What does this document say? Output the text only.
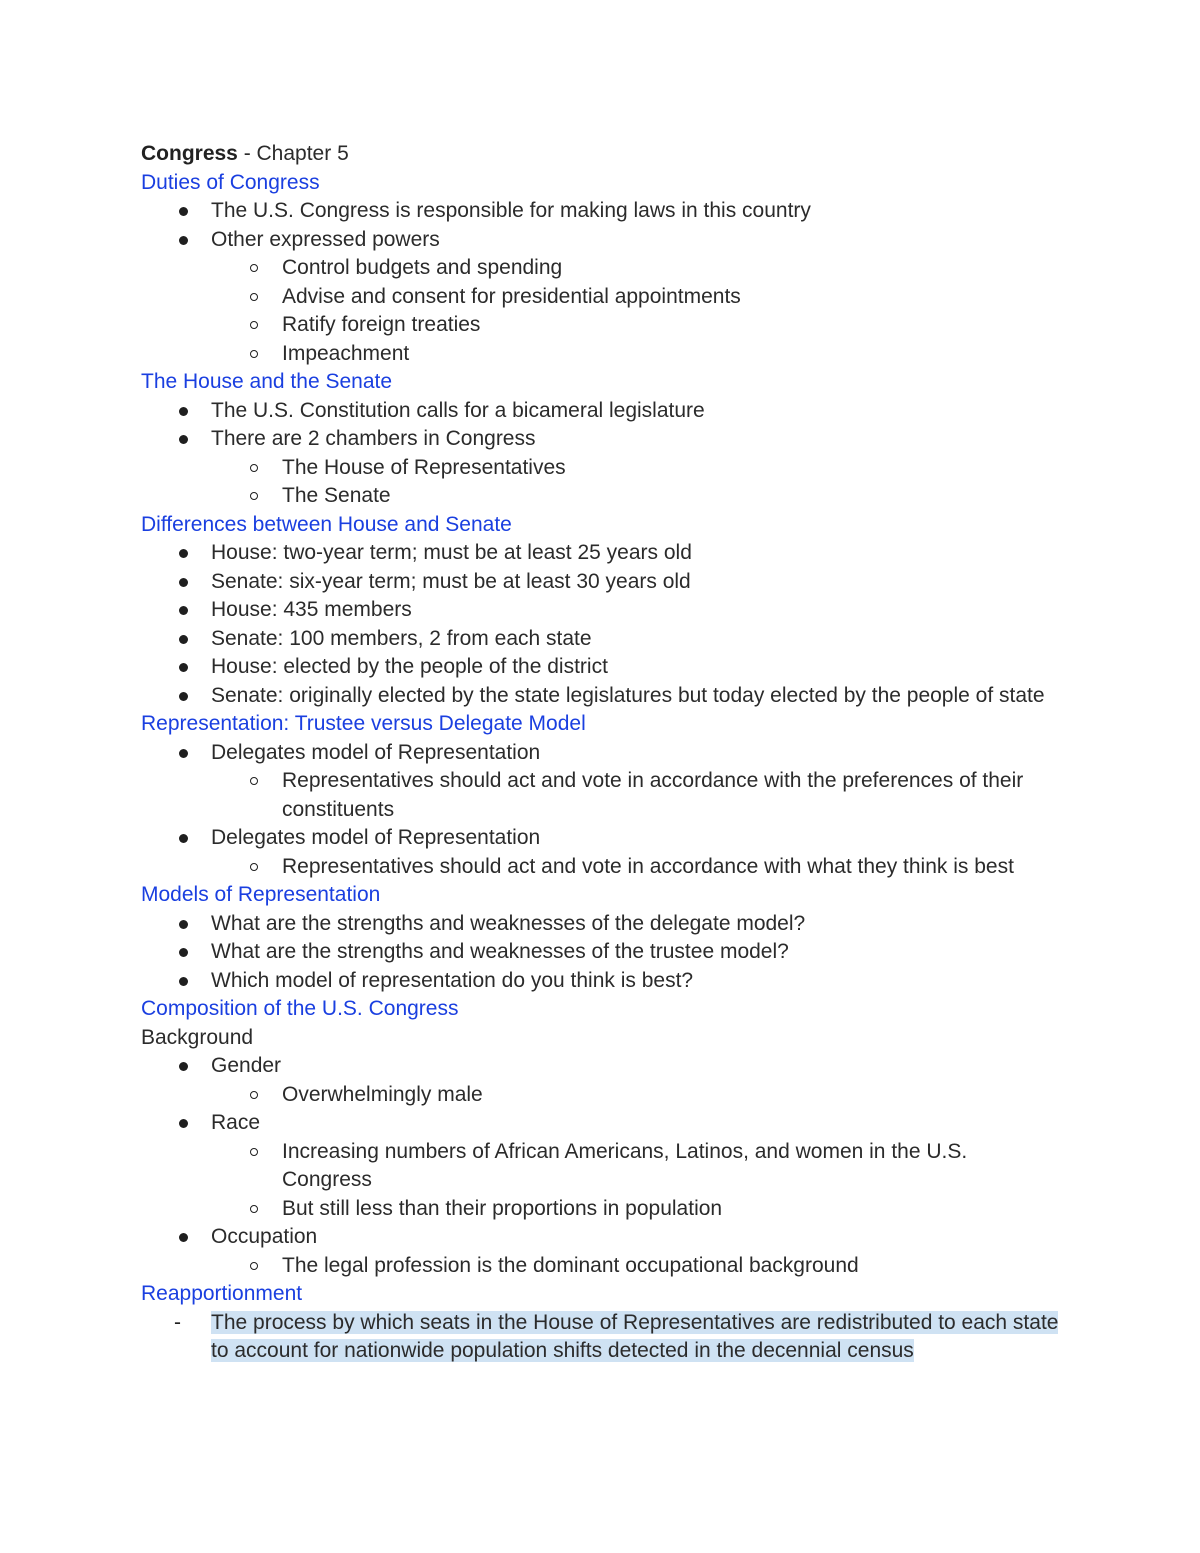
Congress - Chapter 5
Duties of Congress
The U.S. Congress is responsible for making laws in this country
Other expressed powers
Control budgets and spending
Advise and consent for presidential appointments
Ratify foreign treaties
Impeachment
The House and the Senate
The U.S. Constitution calls for a bicameral legislature
There are 2 chambers in Congress
The House of Representatives
The Senate
Differences between House and Senate
House: two-year term; must be at least 25 years old
Senate: six-year term; must be at least 30 years old
House: 435 members
Senate: 100 members, 2 from each state
House: elected by the people of the district
Senate: originally elected by the state legislatures but today elected by the people of state
Representation: Trustee versus Delegate Model
Delegates model of Representation
Representatives should act and vote in accordance with the preferences of their constituents
Delegates model of Representation
Representatives should act and vote in accordance with what they think is best
Models of Representation
What are the strengths and weaknesses of the delegate model?
What are the strengths and weaknesses of the trustee model?
Which model of representation do you think is best?
Composition of the U.S. Congress
Background
Gender
Overwhelmingly male
Race
Increasing numbers of African Americans, Latinos, and women in the U.S. Congress
But still less than their proportions in population
Occupation
The legal profession is the dominant occupational background
Reapportionment
- The process by which seats in the House of Representatives are redistributed to each state to account for nationwide population shifts detected in the decennial census
